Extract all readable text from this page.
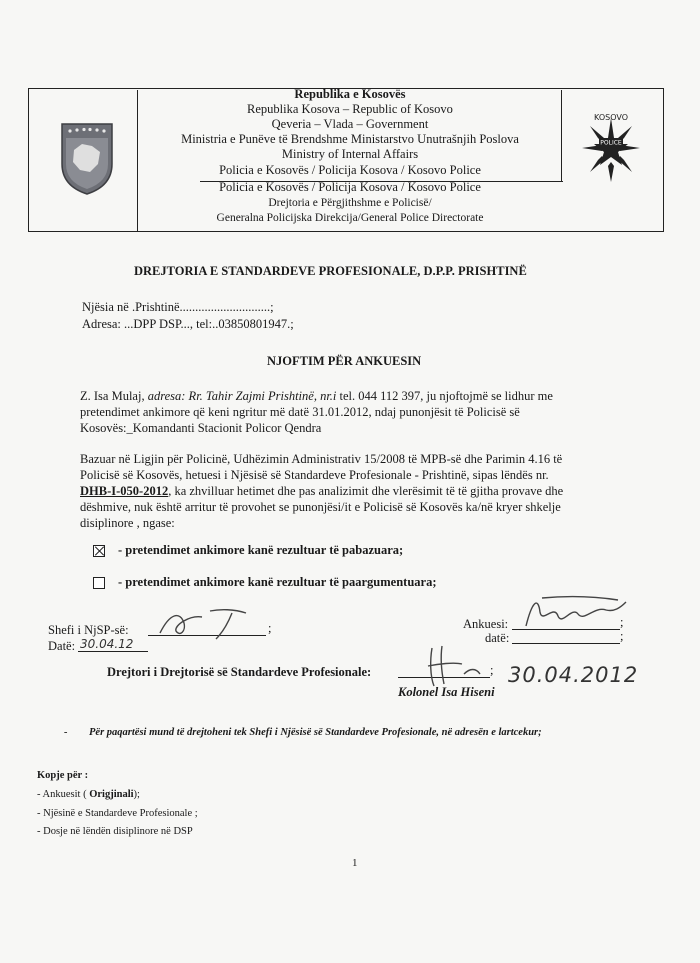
Republika e Kosovës
Republika Kosova – Republic of Kosovo
Qeveria – Vlada – Government
Ministria e Punëve të Brendshme Ministarstvo Unutrašnjih Poslova
Ministry of Internal Affairs
Policia e Kosovës / Policija Kosova / Kosovo Police
Policia e Kosovës / Policija Kosova / Kosovo Police
Drejtoria e Përgjithshme e Policisë/
Generalna Policijska Direkcija/General Police Directorate
KOSOVO
POLICE
DREJTORIA E STANDARDEVE PROFESIONALE, D.P.P. PRISHTINË
Njësia në .Prishtinë.............................;
Adresa: ...DPP DSP..., tel:..03850801947.;
NJOFTIM PËR ANKUESIN
Z. Isa Mulaj, adresa: Rr. Tahir Zajmi Prishtinë, nr.i tel. 044 112 397, ju njoftojmë se lidhur me
pretendimet ankimore që keni ngritur më datë 31.01.2012, ndaj punonjësit të Policisë së
Kosovës:_Komandanti Stacionit Policor Qendra
Bazuar në Ligjin për Policinë, Udhëzimin Administrativ 15/2008 të MPB-së dhe Parimin 4.16 të
Policisë së Kosovës, hetuesi i Njësisë së Standardeve Profesionale - Prishtinë, sipas lëndës nr.
DHB-I-050-2012, ka zhvilluar hetimet dhe pas analizimit dhe vlerësimit të të gjitha provave dhe
dëshmive, nuk është arritur të provohet se punonjësi/it e Policisë së Kosovës ka/në kryer shkelje
disiplinore , ngase:
- pretendimet ankimore kanë rezultuar të pabazuara;
- pretendimet ankimore kanë rezultuar të paargumentuara;
Shefi i NjSP-së:	;
Datë: 30.04.12
Ankuesi:	;
datë:	;
Drejtori i Drejtorisë së Standardeve Profesionale:	;
Kolonel Isa Hiseni
30.04.2012
- Për paqartësi mund të drejtoheni tek Shefi i Njësisë së Standardeve Profesionale, në adresën e lartcekur;
Kopje për :
- Ankuesit ( Origjinali);
- Njësinë e Standardeve Profesionale ;
- Dosje në lëndën disiplinore në DSP
1
